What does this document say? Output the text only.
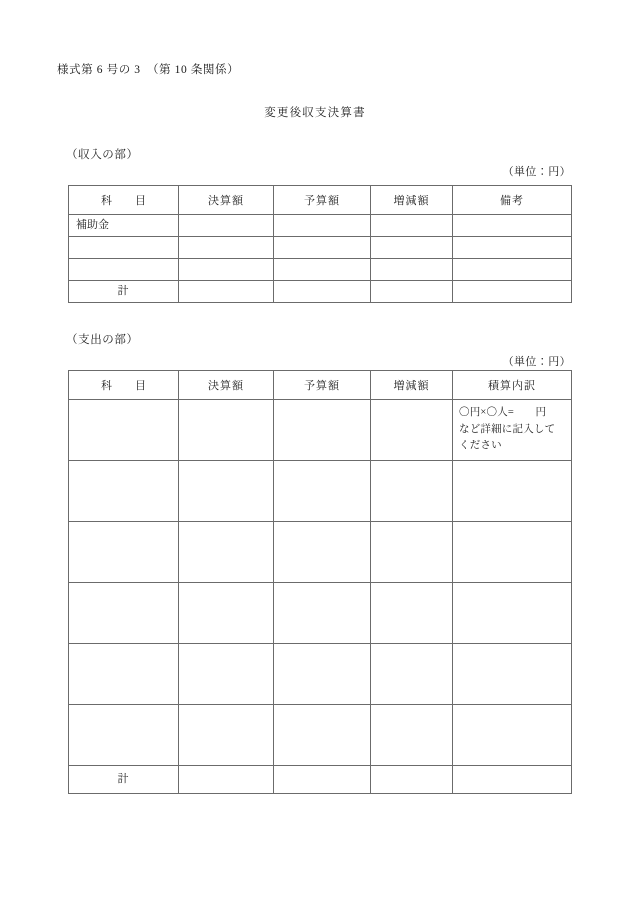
様式第 6 号の 3　（第 10 条関係）
変更後収支決算書
（収入の部）
（単位：円）
科　目	決算額	予算額	増減額	備考

補助金				

計				

（支出の部）
（単位：円）
科　目	決算額	予算額	増減額	積算内訳

				〇円×〇人=　　円
など詳細に記入して
ください

計				
